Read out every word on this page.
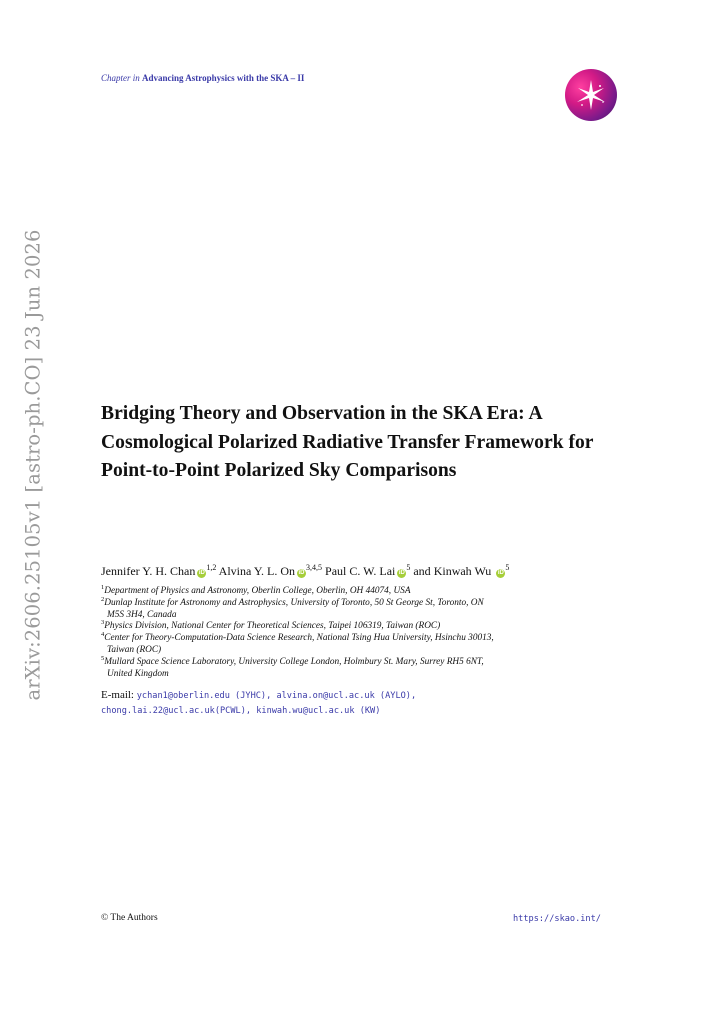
arXiv:2606.25105v1 [astro-ph.CO] 23 Jun 2026
Chapter in Advancing Astrophysics with the SKA – II
Bridging Theory and Observation in the SKA Era: A
Cosmological Polarized Radiative Transfer Framework for
Point-to-Point Polarized Sky Comparisons
Jennifer Y. H. Chan iD$^{1,2}$ Alvina Y. L. On iD$^{3,4,5}$ Paul C. W. Lai $iD^5$ and Kinwah Wu $iD^5$
$^1$Department of Physics and Astronomy, Oberlin College, Oberlin, OH 44074, USA
$^2$Dunlap Institute for Astronomy and Astrophysics, University of Toronto, 50 St George St, Toronto, ON
M5S 3H4, Canada
$^3$Physics Division, National Center for Theoretical Sciences, Taipei 106319, Taiwan (ROC)
$^4$Center for Theory-Computation-Data Science Research, National Tsing Hua University, Hsinchu 30013,
Taiwan (ROC)
$^5$Mullard Space Science Laboratory, University College London, Holmbury St. Mary, Surrey RH5 6NT,
United Kingdom
E-mail: ychan1@oberlin.edu (JYHC), alvina.on@ucl.ac.uk (AYLO),
chong.lai.22@ucl.ac.uk(PCWL), kinwah.wu@ucl.ac.uk (KW)
© The Authors	https://skao.int/
